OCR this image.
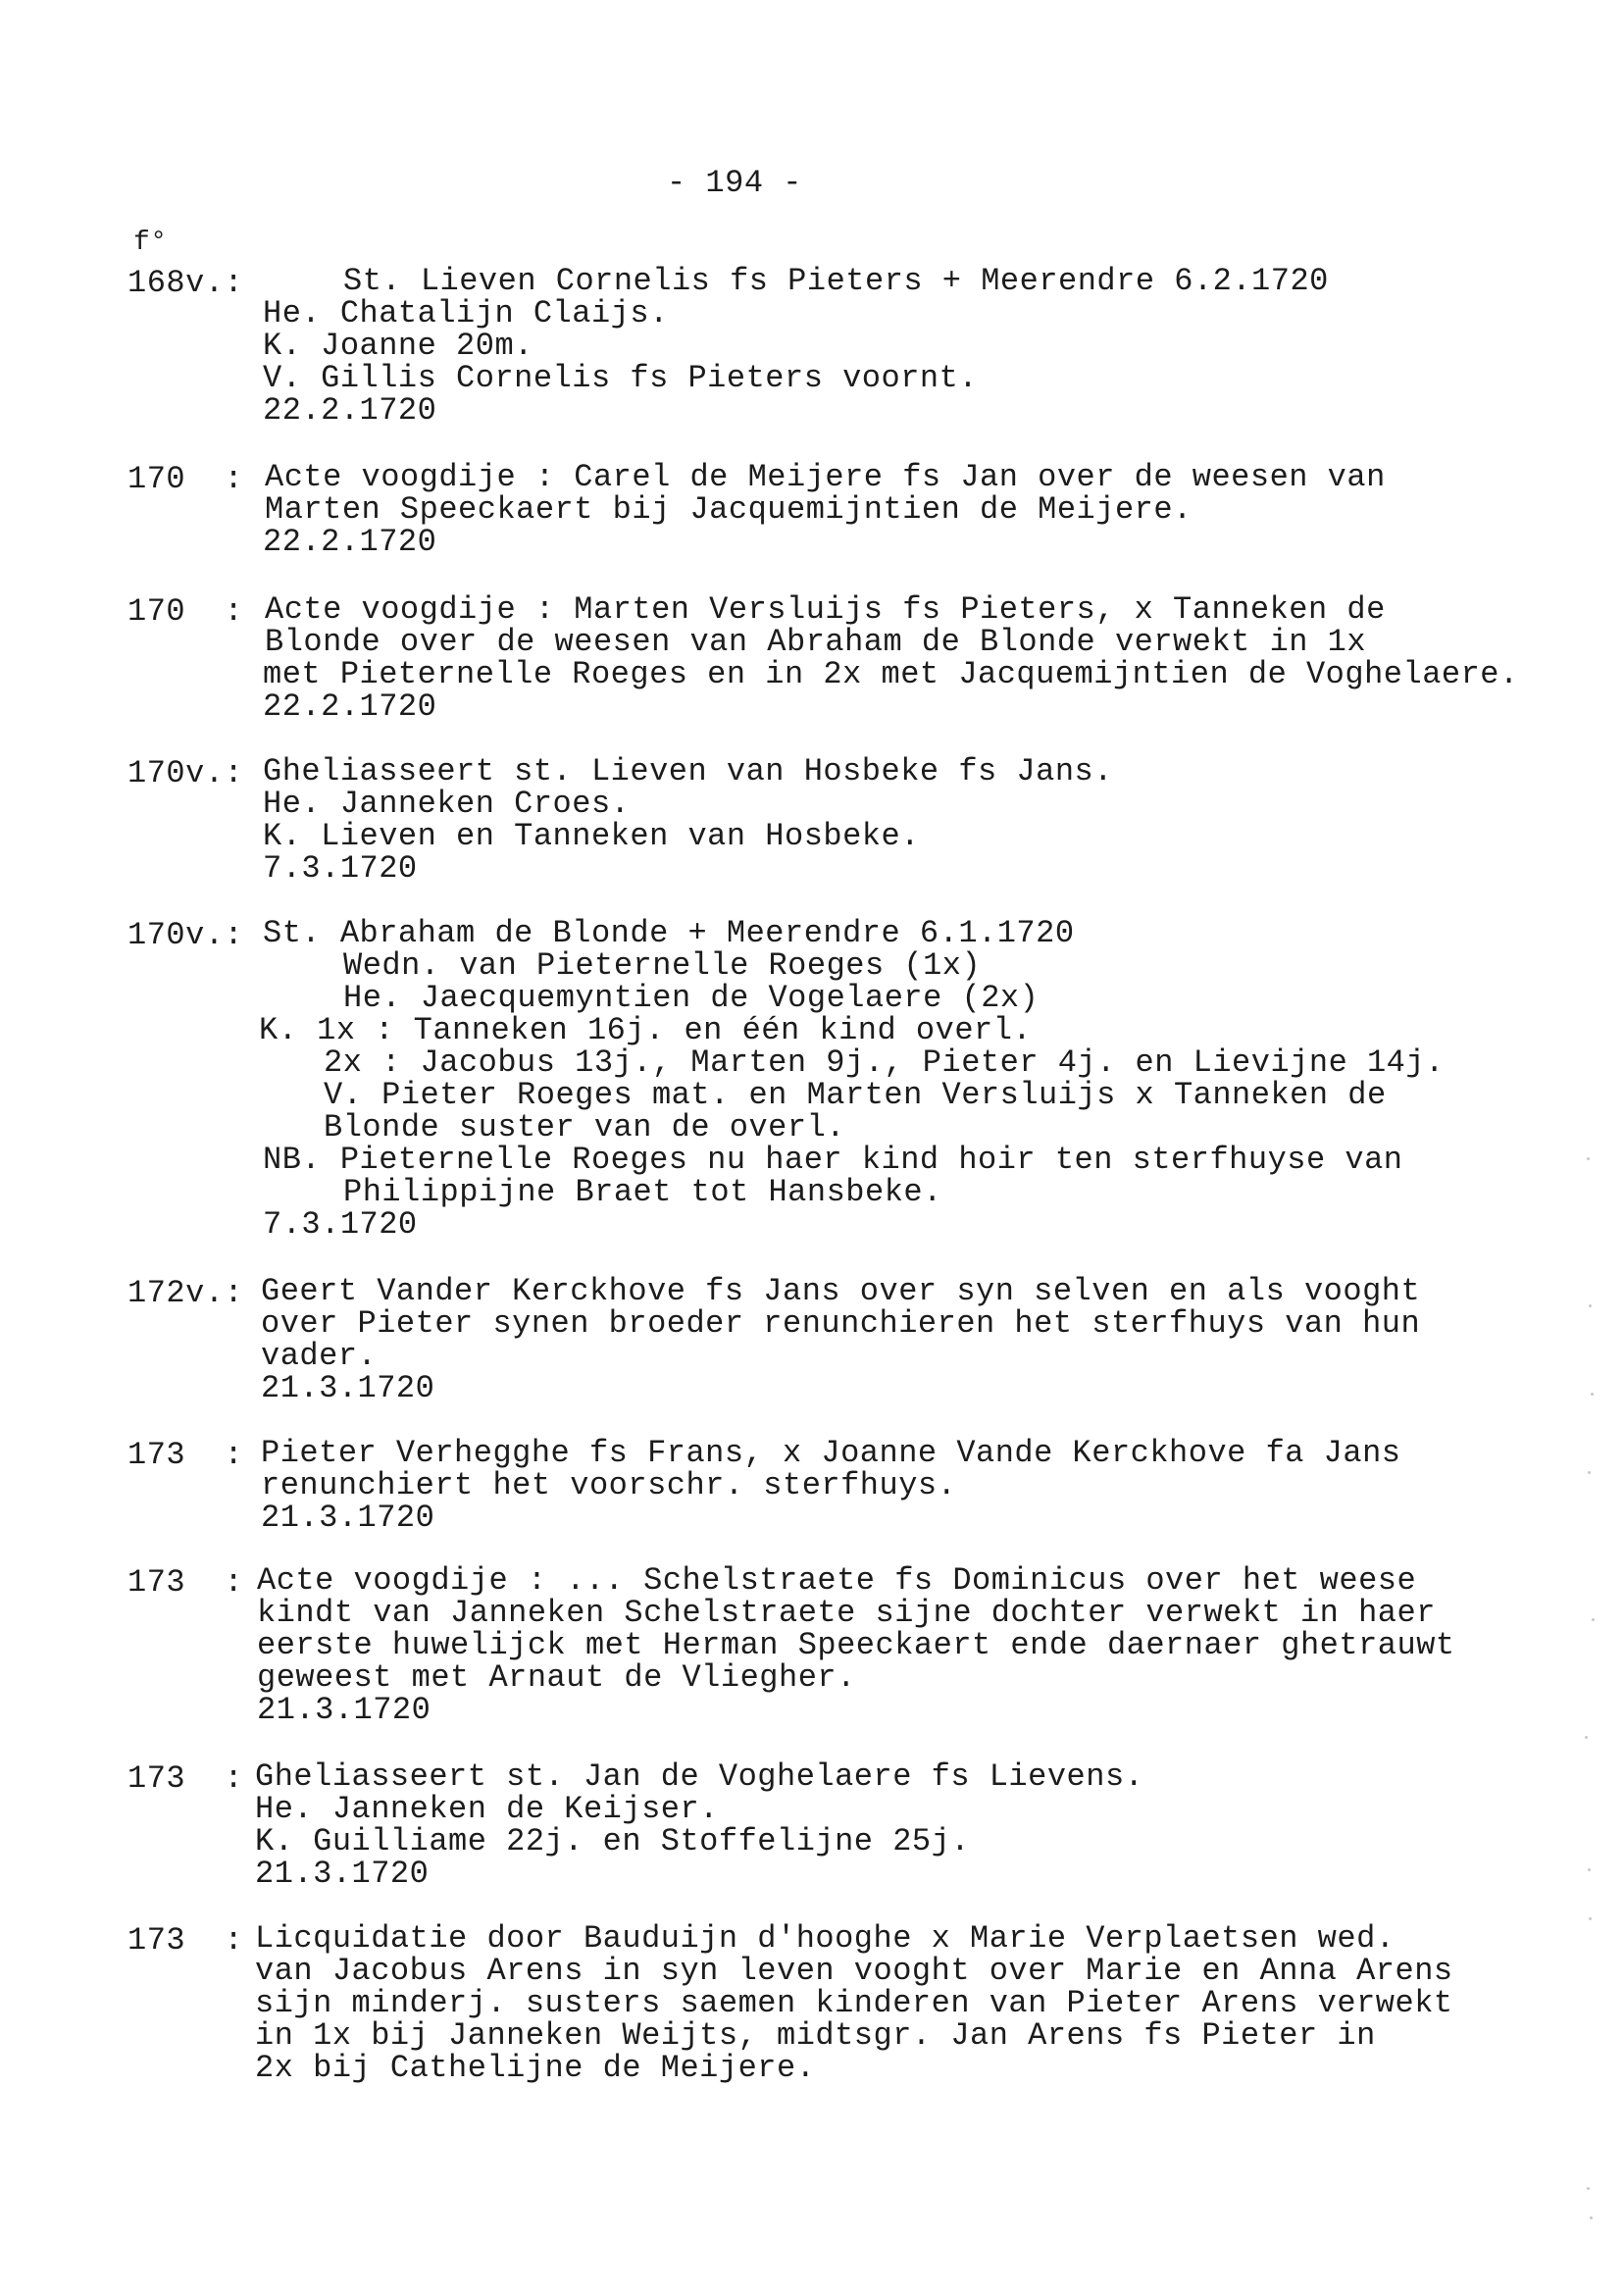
- 194 -
f°
168v.:	St. Lieven Cornelis fs Pieters + Meerendre 6.2.1720
He. Chatalijn Claijs.
K. Joanne 20m.
V. Gillis Cornelis fs Pieters voornt.
22.2.1720
170  : Acte voogdije : Carel de Meijere fs Jan over de weesen van
Marten Speeckaert bij Jacquemijntien de Meijere.
22.2.1720
170  : Acte voogdije : Marten Versluijs fs Pieters, x Tanneken de
Blonde over de weesen van Abraham de Blonde verwekt in 1x
met Pieternelle Roeges en in 2x met Jacquemijntien de Voghelaere.
22.2.1720
170v.: Gheliasseert st. Lieven van Hosbeke fs Jans.
He. Janneken Croes.
K. Lieven en Tanneken van Hosbeke.
7.3.1720
170v.: St. Abraham de Blonde + Meerendre 6.1.1720
Wedn. van Pieternelle Roeges (1x)
He. Jaecquemyntien de Vogelaere (2x)
K. 1x : Tanneken 16j. en één kind overl.
2x : Jacobus 13j., Marten 9j., Pieter 4j. en Lievijne 14j.
V. Pieter Roeges mat. en Marten Versluijs x Tanneken de
Blonde suster van de overl.
NB. Pieternelle Roeges nu haer kind hoir ten sterfhuyse van
Philippijne Braet tot Hansbeke.
7.3.1720
172v.: Geert Vander Kerckhove fs Jans over syn selven en als vooght
over Pieter synen broeder renunchieren het sterfhuys van hun
vader.
21.3.1720
173  : Pieter Verhegghe fs Frans, x Joanne Vande Kerckhove fa Jans
renunchiert het voorschr. sterfhuys.
21.3.1720
173  : Acte voogdije : ... Schelstraete fs Dominicus over het weese
kindt van Janneken Schelstraete sijne dochter verwekt in haer
eerste huwelijck met Herman Speeckaert ende daernaer ghetrauwt
geweest met Arnaut de Vliegher.
21.3.1720
173  : Gheliasseert st. Jan de Voghelaere fs Lievens.
He. Janneken de Keijser.
K. Guilliame 22j. en Stoffelijne 25j.
21.3.1720
173  : Licquidatie door Bauduijn d'hooghe x Marie Verplaetsen wed.
van Jacobus Arens in syn leven vooght over Marie en Anna Arens
sijn minderj. susters saemen kinderen van Pieter Arens verwekt
in 1x bij Janneken Weijts, midtsgr. Jan Arens fs Pieter in
2x bij Cathelijne de Meijere.
